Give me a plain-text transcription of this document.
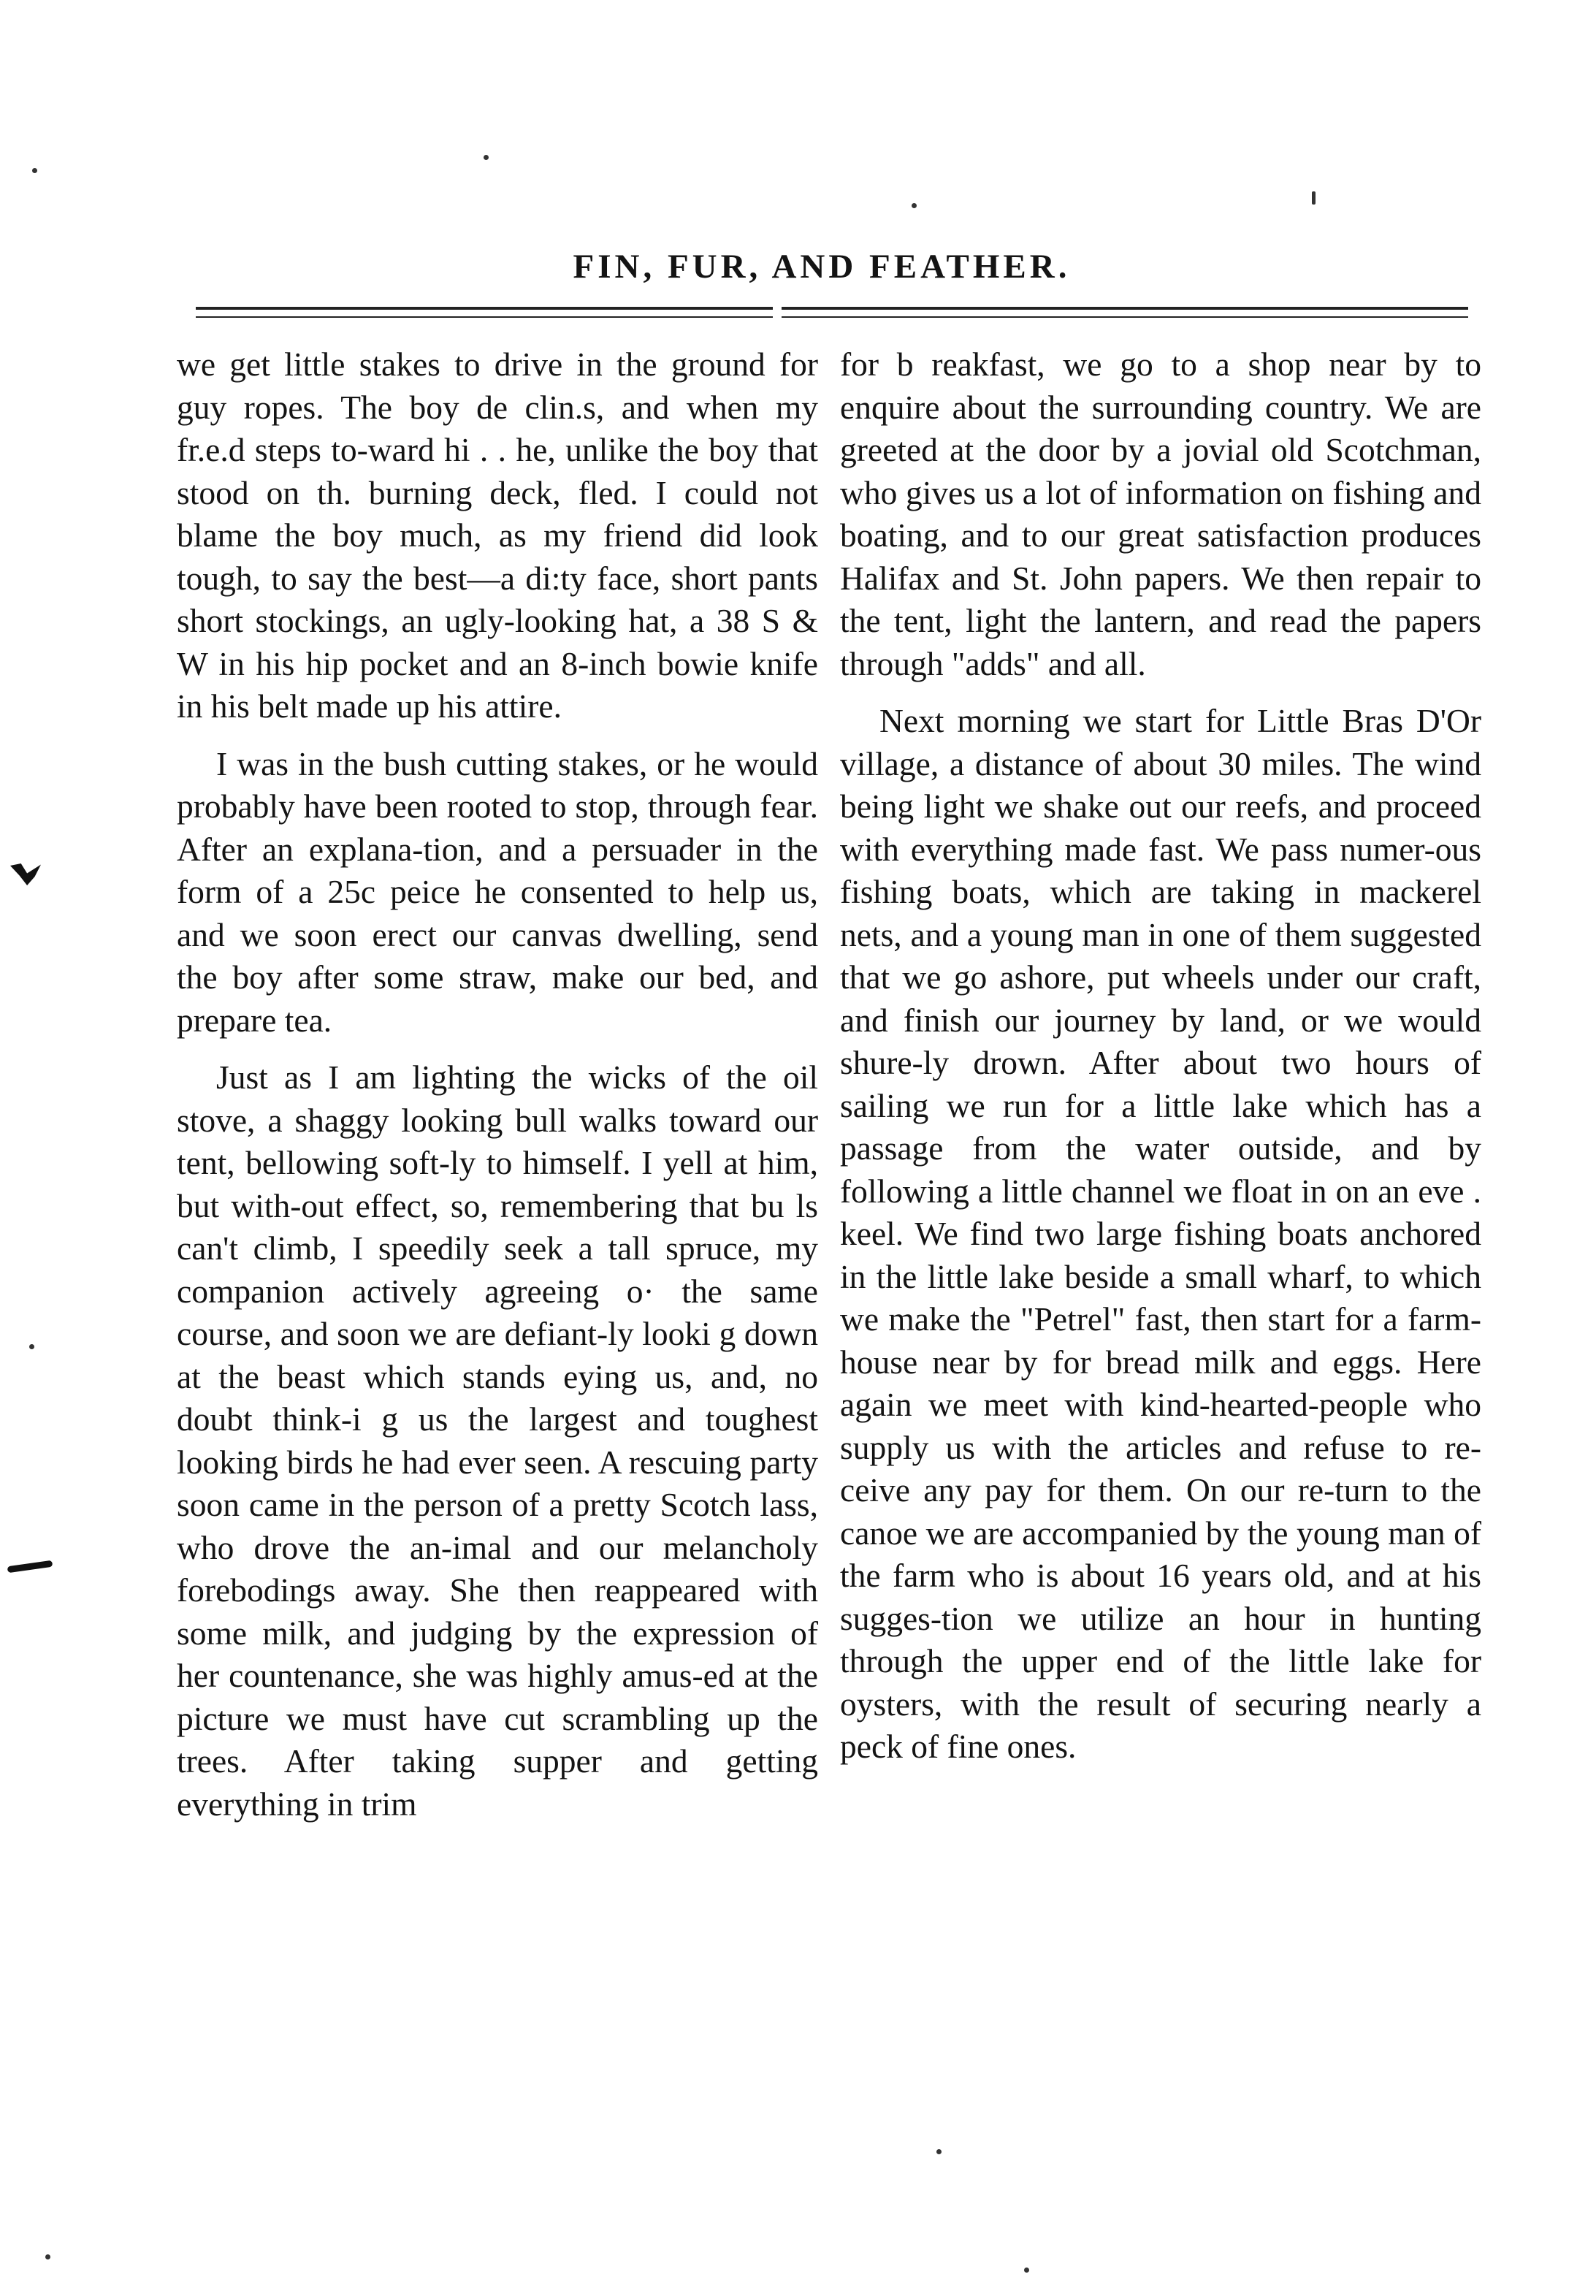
FIN, FUR, AND FEATHER.

we get little stakes to drive in the ground for guy ropes. The boy de clin.s, and when my fr.e.d steps to-ward hi . . he, unlike the boy that stood on th. burning deck, fled. I could not blame the boy much, as my friend did look tough, to say the best—a di:ty face, short pants short stockings, an ugly-looking hat, a 38 S & W in his hip pocket and an 8-inch bowie knife in his belt made up his attire.

I was in the bush cutting stakes, or he would probably have been rooted to stop, through fear. After an explana-tion, and a persuader in the form of a 25c peice he consented to help us, and we soon erect our canvas dwelling, send the boy after some straw, make our bed, and prepare tea.

Just as I am lighting the wicks of the oil stove, a shaggy looking bull walks toward our tent, bellowing soft-ly to himself. I yell at him, but with-out effect, so, remembering that bu ls can't climb, I speedily seek a tall spruce, my companion actively agreeing o· the same course, and soon we are defiant-ly looki g down at the beast which stands eying us, and, no doubt think-i g us the largest and toughest looking birds he had ever seen. A rescuing party soon came in the person of a pretty Scotch lass, who drove the an-imal and our melancholy forebodings away. She then reappeared with some milk, and judging by the expression of her countenance, she was highly amus-ed at the picture we must have cut scrambling up the trees. After taking supper and getting everything in trim

for b reakfast, we go to a shop near by to enquire about the surrounding country. We are greeted at the door by a jovial old Scotchman, who gives us a lot of information on fishing and boating, and to our great satisfaction produces Halifax and St. John papers. We then repair to the tent, light the lantern, and read the papers through "adds" and all.

Next morning we start for Little Bras D'Or village, a distance of about 30 miles. The wind being light we shake out our reefs, and proceed with everything made fast. We pass numer-ous fishing boats, which are taking in mackerel nets, and a young man in one of them suggested that we go ashore, put wheels under our craft, and finish our journey by land, or we would shure-ly drown. After about two hours of sailing we run for a little lake which has a passage from the water outside, and by following a little channel we float in on an eve . keel. We find two large fishing boats anchored in the little lake beside a small wharf, to which we make the "Petrel" fast, then start for a farm-house near by for bread milk and eggs. Here again we meet with kind-hearted-people who supply us with the articles and refuse to re-ceive any pay for them. On our re-turn to the canoe we are accompanied by the young man of the farm who is about 16 years old, and at his sugges-tion we utilize an hour in hunting through the upper end of the little lake for oysters, with the result of securing nearly a peck of fine ones.
